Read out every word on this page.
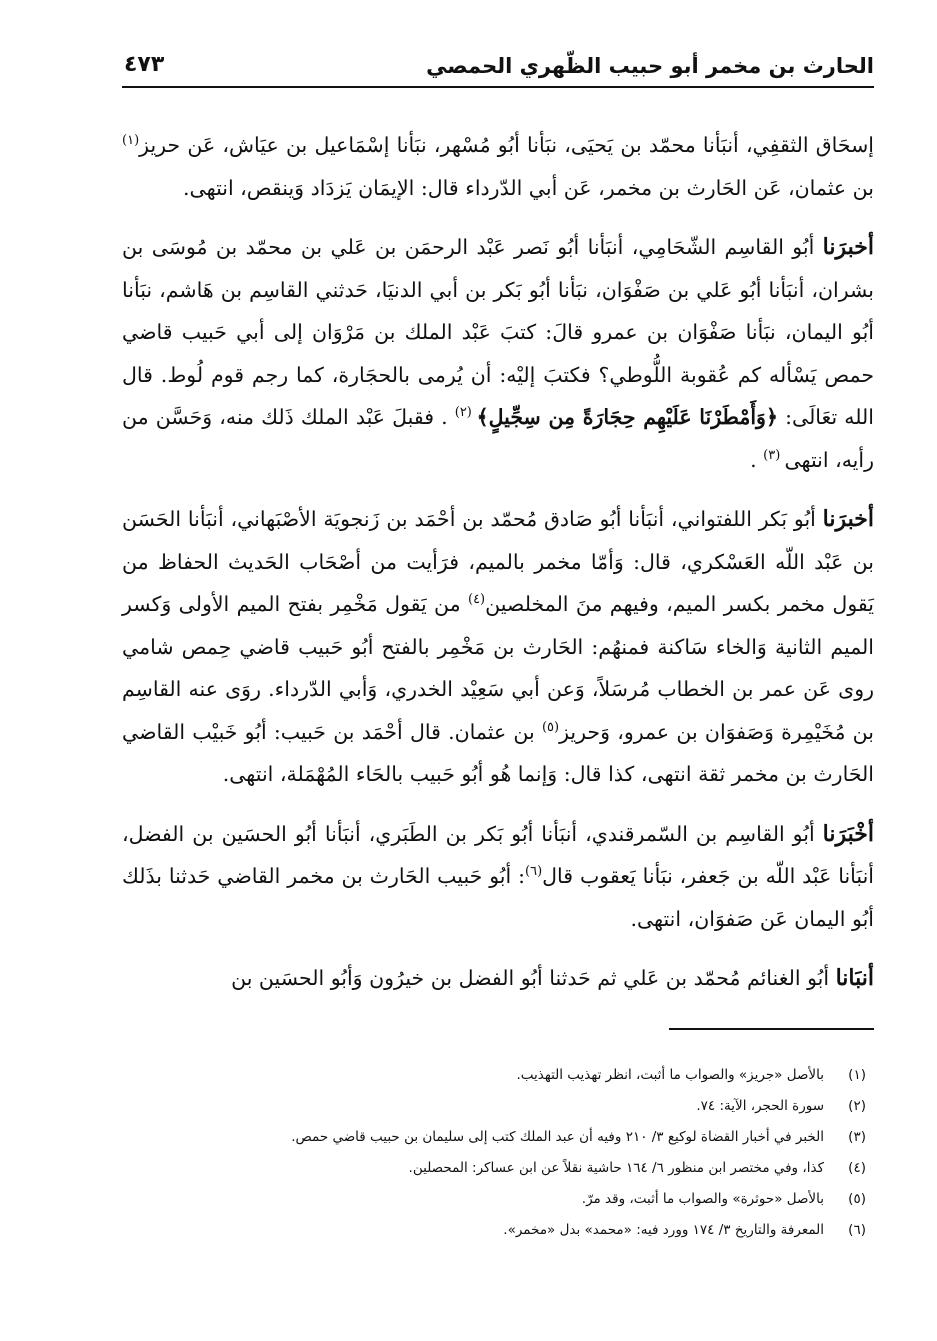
الحارث بن مخمر أبو حبيب الظّهري الحمصي
٤٧٣

إسحَاق الثقفِي، أنبَأنا محمّد بن يَحيَى، نبَأنا أبُو مُسْهر، نبَأنا إسْمَاعيل بن عيَاش، عَن حريز$^{(١)}$ بن عثمان، عَن الحَارث بن مخمر، عَن أبي الدّرداء قال: الإيمَان يَزدَاد وَينقص، انتهى.

أخبرَنا أبُو القاسِم الشّحَامِي، أنبَأنا أبُو نَصر عَبْد الرحمَن بن عَلي بن محمّد بن مُوسَى بن بشران، أنبَأنا أبُو عَلي بن صَفْوَان، نبَأنا أبُو بَكر بن أبي الدنيَا، حَدثني القاسِم بن هَاشم، نبَأنا أبُو اليمان، نبَأنا صَفْوَان بن عمرو قالَ: كتبَ عَبْد الملك بن مَرْوَان إلى أبي حَبيب قاضي حمص يَسْأله كم عُقوبة اللُّوطي؟ فكتبَ إليْه: أن يُرمى بالحجَارة، كما رجم قوم لُوط. قال الله تعَالَى: ﴿وَأَمْطَرْنَا عَلَيْهِم حِجَارَةً مِن سِجِّيلٍ﴾ $^{(٢)}$ . فقبلَ عَبْد الملك ذَلك منه، وَحَسَّن من رأيه، انتهى $^{(٣)}$ .

أخبرَنا أبُو بَكر اللفتواني، أنبَأنا أبُو صَادق مُحمّد بن أحْمَد بن زَنجويَة الأصْبَهاني، أنبَأنا الحَسَن بن عَبْد اللّه العَسْكري، قال: وَأمّا مخمر بالميم، فرَأيت من أصْحَاب الحَديث الحفاظ من يَقول مخمر بكسر الميم، وفيهم منَ المخلصين$^{(٤)}$ من يَقول مَخْمِر بفتح الميم الأولى وَكسر الميم الثانية وَالخاء سَاكنة فمنهُم: الحَارث بن مَخْمِر بالفتح أبُو حَبيب قاضي حِمص شامي روى عَن عمر بن الخطاب مُرسَلاً، وَعن أبي سَعِيْد الخدري، وَأبي الدّرداء. روَى عنه القاسِم بن مُخَيْمِرة وَصَفوَان بن عمرو، وَحريز$^{(٥)}$ بن عثمان. قال أحْمَد بن حَبيب: أبُو خَبيْب القاضي الحَارث بن مخمر ثقة انتهى، كذا قال: وَإنما هُو أبُو حَبيب بالحَاء المُهْمَلة، انتهى.

أخْبَرَنا أبُو القاسِم بن السّمرقندي، أنبَأنا أبُو بَكر بن الطَبَري، أنبَأنا أبُو الحسَين بن الفضل، أنبَأنا عَبْد اللّه بن جَعفر، نبَأنا يَعقوب قال$^{(٦)}$: أبُو حَبيب الحَارث بن مخمر القاضي حَدثنا بذَلك أبُو اليمان عَن صَفوَان، انتهى.

أنبَانا أبُو الغنائم مُحمّد بن عَلي ثم حَدثنا أبُو الفضل بن خيرُون وَأبُو الحسَين بن

(١)
بالأصل «جريز» والصواب ما أثبت، انظر تهذيب التهذيب.
(٢)
سورة الحجر، الآية: ٧٤.
(٣)
الخبر في أخبار القضاة لوكيع ٣/ ٢١٠ وفيه أن عبد الملك كتب إلى سليمان بن حبيب قاضي حمص.
(٤)
كذا، وفي مختصر ابن منظور ٦/ ١٦٤ حاشية نقلاً عن ابن عساكر: المحصلين.
(٥)
بالأصل «حوثرة» والصواب ما أثبت، وقد مرّ.
(٦)
المعرفة والتاريخ ٣/ ١٧٤ وورد فيه: «محمد» بدل «مخمر».
